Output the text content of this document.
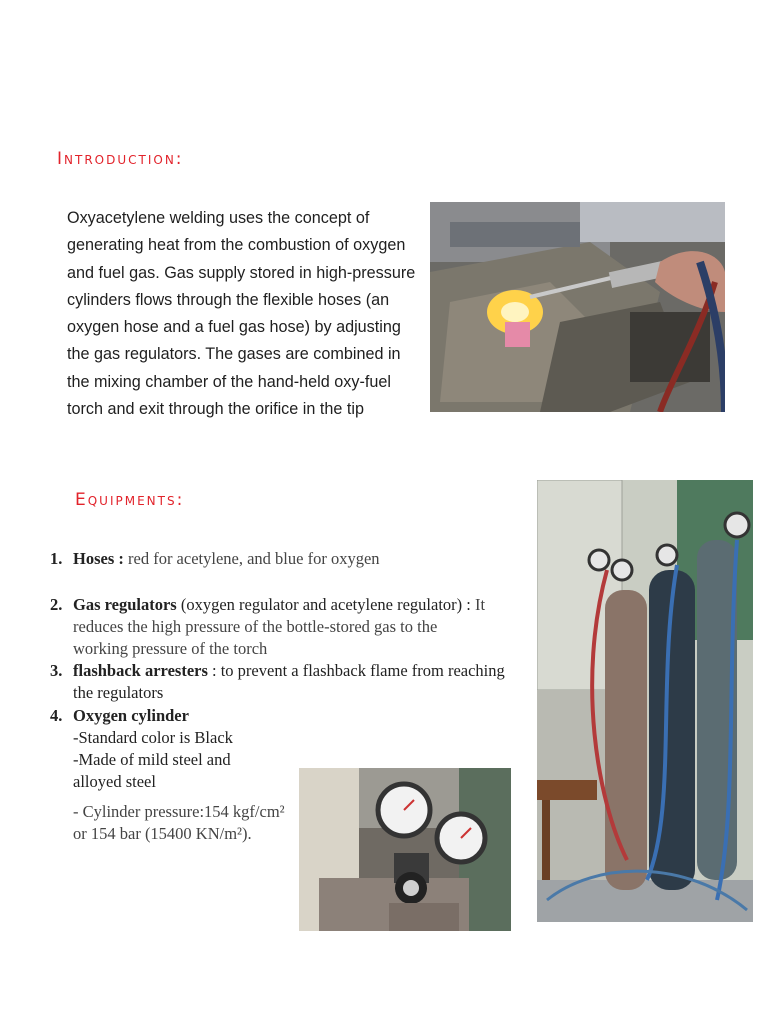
Introduction:
Oxyacetylene welding uses the concept of generating heat from the combustion of oxygen and fuel gas. Gas supply stored in high-pressure cylinders flows through the flexible hoses (an oxygen hose and a fuel gas hose) by adjusting the gas regulators. The gases are combined in the mixing chamber of the hand-held oxy-fuel torch and exit through the orifice in the tip
Equipments:
1. Hoses : red for acetylene, and blue for oxygen
2. Gas regulators (oxygen regulator and acetylene regulator) : It reduces the high pressure of the bottle-stored gas to the working pressure of the torch
3. flashback arresters : to prevent a flashback flame from reaching the regulators
4. Oxygen cylinder
-Standard color is Black
-Made of mild steel and alloyed steel
- Cylinder pressure:154 kgf/cm² or 154 bar (15400 KN/m²).
